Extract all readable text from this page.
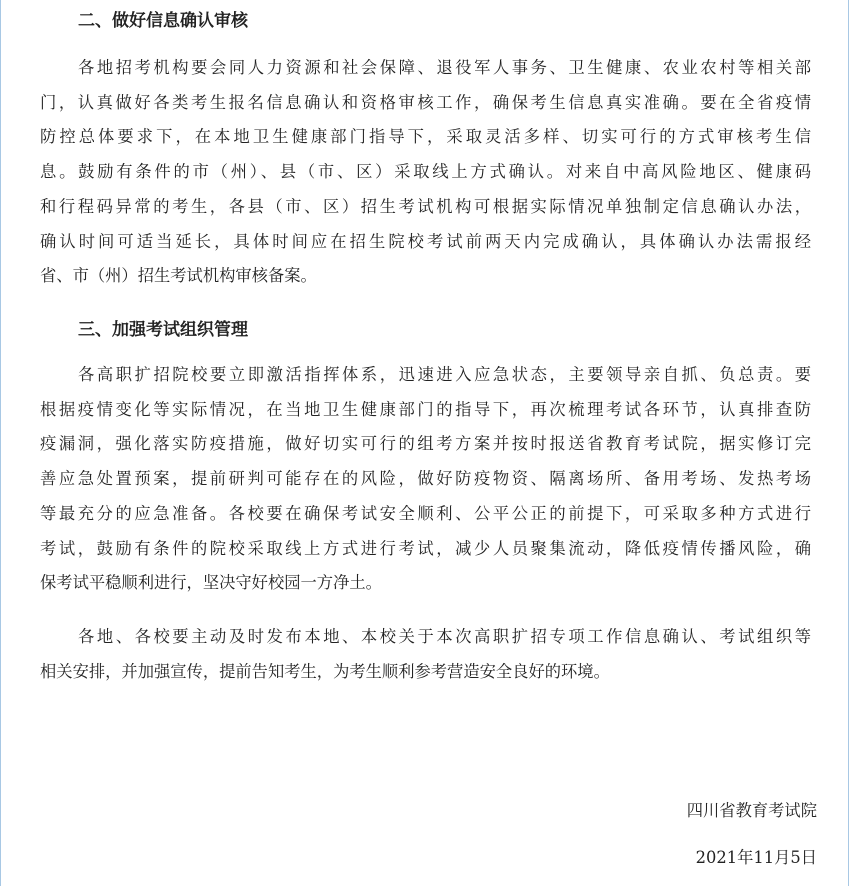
二、做好信息确认审核
各地招考机构要会同人力资源和社会保障、退役军人事务、卫生健康、农业农村等相关部
门，认真做好各类考生报名信息确认和资格审核工作，确保考生信息真实准确。要在全省疫情
防控总体要求下，在本地卫生健康部门指导下，采取灵活多样、切实可行的方式审核考生信
息。鼓励有条件的市（州）、县（市、区）采取线上方式确认。对来自中高风险地区、健康码
和行程码异常的考生，各县（市、区）招生考试机构可根据实际情况单独制定信息确认办法，
确认时间可适当延长，具体时间应在招生院校考试前两天内完成确认，具体确认办法需报经
省、市（州）招生考试机构审核备案。
三、加强考试组织管理
各高职扩招院校要立即激活指挥体系，迅速进入应急状态，主要领导亲自抓、负总责。要
根据疫情变化等实际情况，在当地卫生健康部门的指导下，再次梳理考试各环节，认真排查防
疫漏洞，强化落实防疫措施，做好切实可行的组考方案并按时报送省教育考试院，据实修订完
善应急处置预案，提前研判可能存在的风险，做好防疫物资、隔离场所、备用考场、发热考场
等最充分的应急准备。各校要在确保考试安全顺利、公平公正的前提下，可采取多种方式进行
考试，鼓励有条件的院校采取线上方式进行考试，减少人员聚集流动，降低疫情传播风险，确
保考试平稳顺利进行，坚决守好校园一方净土。
各地、各校要主动及时发布本地、本校关于本次高职扩招专项工作信息确认、考试组织等
相关安排，并加强宣传，提前告知考生，为考生顺利参考营造安全良好的环境。
四川省教育考试院
2021年11月5日
